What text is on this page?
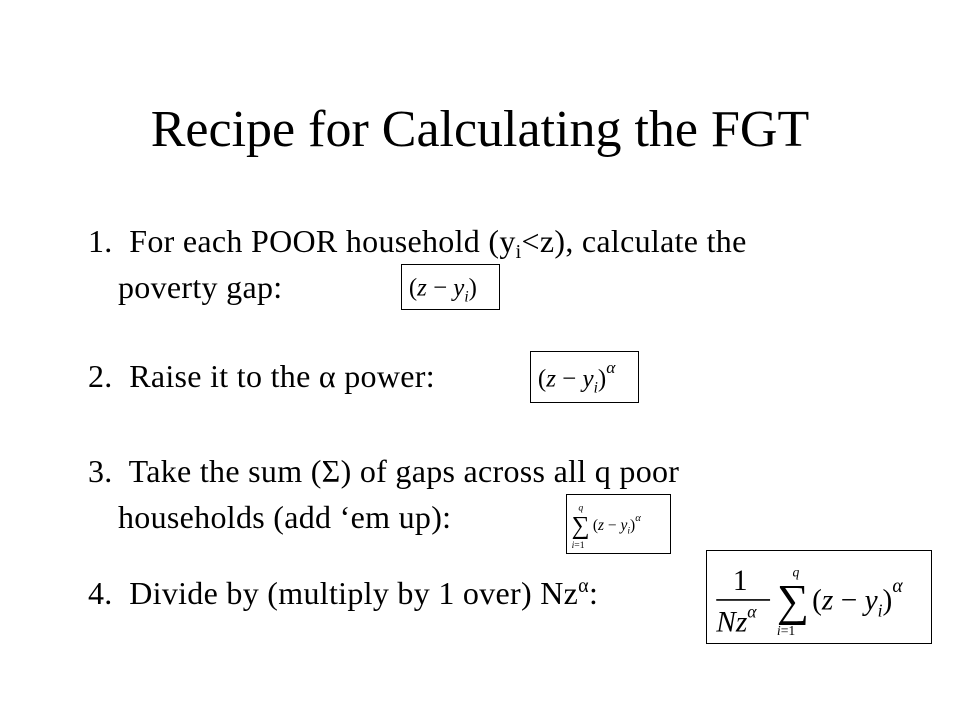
Recipe for Calculating the FGT
1. For each POOR household $(y_i<z)$, calculate the
poverty gap:	$(z - y_i)$
2. Raise it to the α power:	$(z - y_i)^\alpha$
3. Take the sum (Σ) of gaps across all q poor
households (add ‘em up):	q
∑
i=1
$(z - y_i)^\alpha$
4. Divide by (multiply by 1 over) $Nz^\alpha$:	1
$Nz^\alpha$
q
∑
i=1
$(z - y_i)^\alpha$
